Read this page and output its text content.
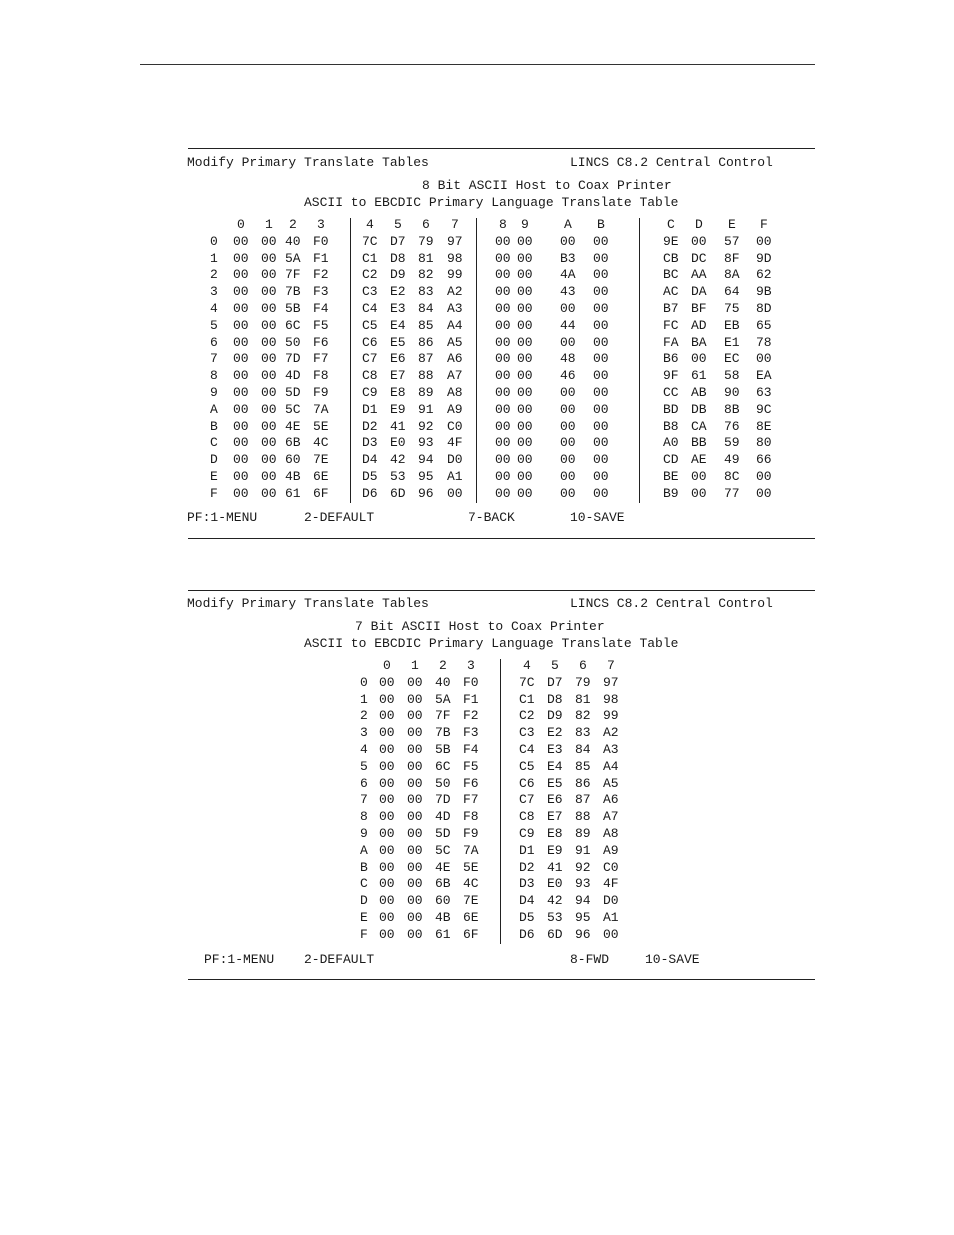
Modify Primary Translate Tables	LINCS C8.2 Central Control
8 Bit ASCII Host to Coax Printer
ASCII to EBCDIC Primary Language Translate Table
0 1 2 3	4 5 6 7	8 9	A B	C D E F
0 00 00 40 F0	7C D7 79 97 00 00 00 00	9E 00 57 00
1 00 00 5A F1	C1 D8 81 98 00 00 B3 00	CB DC 8F 9D
2 00 00 7F F2	C2 D9 82 99 00 00 4A 00	BC AA 8A 62
3 00 00 7B F3	C3 E2 83 A2 00 00 43 00	AC DA 64 9B
4 00 00 5B F4	C4 E3 84 A3 00 00 00 00	B7 BF 75 8D
5 00 00 6C F5	C5 E4 85 A4 00 00 44 00	FC AD EB 65
6 00 00 50 F6	C6 E5 86 A5 00 00 00 00	FA BA E1 78
7 00 00 7D F7	C7 E6 87 A6 00 00 48 00	B6 00 EC 00
8 00 00 4D F8	C8 E7 88 A7 00 00 46 00	9F 61 58 EA
9 00 00 5D F9	C9 E8 89 A8 00 00 00 00	CC AB 90 63
A 00 00 5C 7A	D1 E9 91 A9 00 00 00 00	BD DB 8B 9C
B 00 00 4E 5E	D2 41 92 C0 00 00 00 00	B8 CA 76 8E
C 00 00 6B 4C	D3 E0 93 4F 00 00 00 00	A0 BB 59 80
D 00 00 60 7E	D4 42 94 D0 00 00 00 00	CD AE 49 66
E 00 00 4B 6E	D5 53 95 A1 00 00 00 00	BE 00 8C 00
F 00 00 61 6F	D6 6D 96 00 00 00 00 00	B9 00 77 00
PF:1-MENU	2-DEFAULT	7-BACK	10-SAVE
Modify Primary Translate Tables	LINCS C8.2 Central Control
7 Bit ASCII Host to Coax Printer
ASCII to EBCDIC Primary Language Translate Table
0 1 2 3	4 5 6 7
0 00 00 40 F0	7C D7 79 97
1 00 00 5A F1	C1 D8 81 98
2 00 00 7F F2	C2 D9 82 99
3 00 00 7B F3	C3 E2 83 A2
4 00 00 5B F4	C4 E3 84 A3
5 00 00 6C F5	C5 E4 85 A4
6 00 00 50 F6	C6 E5 86 A5
7 00 00 7D F7	C7 E6 87 A6
8 00 00 4D F8	C8 E7 88 A7
9 00 00 5D F9	C9 E8 89 A8
A 00 00 5C 7A	D1 E9 91 A9
B 00 00 4E 5E	D2 41 92 C0
C 00 00 6B 4C	D3 E0 93 4F
D 00 00 60 7E	D4 42 94 D0
E 00 00 4B 6E	D5 53 95 A1
F 00 00 61 6F	D6 6D 96 00
PF:1-MENU 2-DEFAULT	8-FWD	10-SAVE
